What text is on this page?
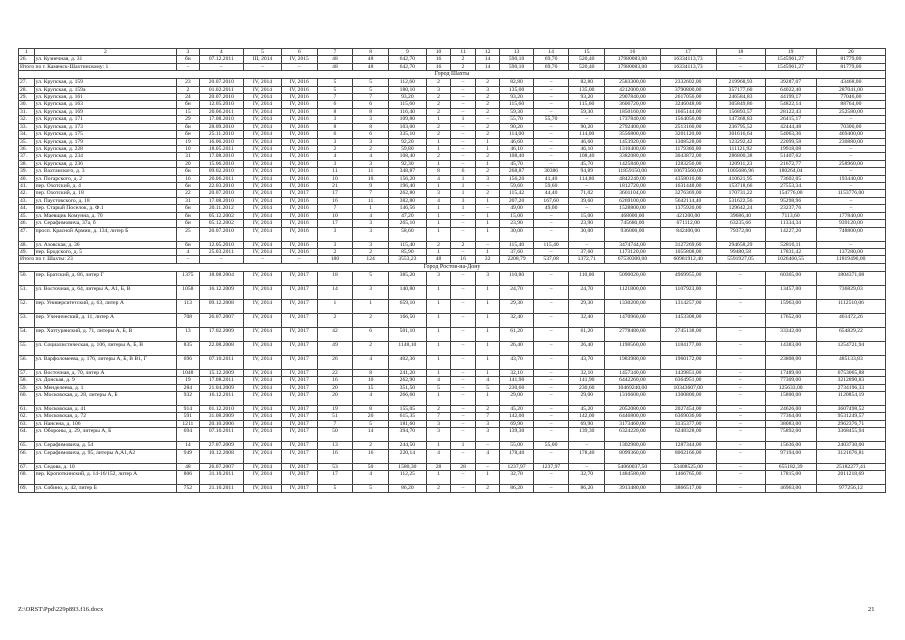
1	2	3	4	5	6	7	8	9	10	11	12	13	14	15	16	17	18	19	20
26.	ул. Кузнечная, д. 31	бн	07.12.2011	III, 2014	IV, 2015	48	48	642,70	16	2	14	590,10	69,70	520,40	17980083,00	16334113,73	–	1545961,27	81779,00
Итого по г. Каменск-Шахтинскому: 1		–	–	–	–	48	48	642,70	16	2	14	590,10	69,70	520,40	17980083,00	16334113,73	–	1545961,27	81779,00
Город Шахты																			
27.	ул. Крупская, д. 159	23	20.07.2010	IV, 2014	IV, 2016	5	5	112,60	2	–	2	82,80	–	82,80	2583300,00	2332602,00	219968,93	39287,07	43468,00
28.	ул. Крупская, д. 159а	2	01.02.2011	IV, 2014	IV, 2016	5	5	180,10	3	–	3	135,00	–	135,00	4212000,00	3790800,00	357177,60	64022,40	287041,00
29.	ул. Крупская, д. 161	24	20.07.2010	IV, 2014	IV, 2016	7	7	93,20	2	–	2	93,20	–	93,20	2907840,00	2617056,00	246584,83	44199,17	77046,00
30.	ул. Крупская, д. 163	бн	12.05.2010	IV, 2014	IV, 2016	6	6	115,60	2	–	2	115,60	–	115,60	3606720,00	3246048,00	305849,86	54822,14	88764,00
31.	ул. Крупская, д. 169	15	20.06.2011	IV, 2014	IV, 2016	8	8	116,40	2	–	2	59,30	–	59,30	1850160,00	1665144,00	156893,57	28122,43	252580,00
32.	ул. Крупская, д. 171	29	17.08.2010	IV, 2014	IV, 2016	3	3	109,80	1	1	–	55,70	55,70	–	1737840,00	1564056,00	147368,83	26415,17	–
33.	ул. Крупская, д. 173	бн	28.09.2010	IV, 2014	IV, 2016	8	8	103,00	2	–	2	90,20	–	90,20	2792400,00	2513160,00	236795,52	42444,48	70300,00
34.	ул. Крупская, д. 175	бн	25.11.2010	IV, 2014	IV, 2016	6	6	335,10	2	–	2	114,00	–	114,00	3556800,00	3201120,00	301616,64	54063,36	469400,00
35.	ул. Крупская, д. 179	19	16.06.2010	IV, 2014	IV, 2016	3	3	92,20	1	–	1	46,60	–	46,60	1453920,00	1308528,00	123292,42	22099,58	230880,00
36.	ул. Крупская, д. 228	10	18.05.2011	IV, 2014	IV, 2016	2	2	59,80	1	–	1	46,10	–	46,10	1310400,00	1179360,00	111121,92	19918,08	–
37.	ул. Крупская, д. 234	31	17.08.2010	IV, 2014	IV, 2016	4	4	108,40	2	–	2	108,40	–	108,40	3382080,00	3043872,00	286800,38	51407,62	–
38.	ул. Крупская, д. 236	20	15.06.2010	IV, 2014	IV, 2016	3	3	92,30	1	–	1	45,70	–	45,70	1425840,00	1283256,00	120911,23	21672,77	258960,00
39.	ул. Вахтанского, д. 3	бн	09.02.2010	IV, 2014	IV, 2016	11	11	348,87	8	6	2	268,87	30386	94,89	11859150,00	10673560,00	1005686,96	180264,04	–
40.	ул. Погарского, д. 2	16	20.06.2011	IV, 2014	IV, 2016	10	10	156,20	4	1	3	156,20	41,40	114,80	4842240,00	4358016,00	410621,95	73602,05	193440,00
41.	пер. Охотский, д. 4	бн	22.03.2010	IV, 2014	IV, 2016	21	9	196,40	1	1	–	59,60	59,60	–	1812720,00	1631448,00	153718,66	27553,34	–
42.	пер. Охотский, д. 18	22	20.07.2010	IV, 2014	IV, 2017	17	7	262,80	3	1	2	115,42	44,40	71,02	3601104,00	3276369,00	170731,22	154776,00	1153776,00
43.	ул. Паустовского, д. 18	31	17.08.2010	IV, 2014	IV, 2016	16	11	382,80	4	3	1	207,20	167,60	39,60	6269100,00	5642114,40	531622,56	95298,96	–
44.	пер. Старый Поселок, д. Ф.1	бн	20.11.2012	IV, 2014	IV, 2016	7	1	146,56	1	1	–	49,00	49,00	–	1528800,00	1375920,00	129642,24	23237,76	–
45.	ул. Маевщик Комунна, д. 70	бн	05.12.2002	IV, 2014	IV, 2016	10	4	47,20	1	–	1	15,00	–	15,00	468000,00	421200,00	39686,40	7113,60	177840,00
46.	ул. Серафимовича, 37а, б	бн	05.12.2002	IV, 2014	IV, 2016	17	3	265,10	1	–	1	23,90	–	23,90	745680,00	671112,00	63235,66	11334,34	939120,00
47.	просп. Красной Армии, д. 134, литер Б	25	20.07.2010	IV, 2014	IV, 2016	3	3	58,60	1	–	1	30,00	–	30,00	936000,00	842400,00	79372,80	14227,20	748800,00
48.	ул. Азовская, д. 36	бн	12.05.2010	IV, 2014	IV, 2016	3	3	115,40	2	2	–	115,40	115,40	–	3474744,00	3127269,60	294658,29	52816,11	–
49.	пер. Бродского, д. 5	4	25.03.2011	IV, 2014	IV, 2016	2	2	85,90	1	–	1	37,60	–	37,60	1173120,00	1055808,00	99480,58	17831,42	137280,00
Итого по г. Шахты: 23		–	–	–	–	180	124	3553,23	48	16	32	2208,79	537,08	1372,71	67530300,00	60981912,40	5591927,05	1026460,55	11819496,00
Город Ростов-на-Дону																			
50.	пер. Братский, д. 86, литер Г	1375	18.08.2004	IV, 2014	IV, 2017	18	5	385,20	3	–	3	110,80	–	110,80	5090020,00	4969955,00	–	60365,00	1804371,08
51.	ул. Восточная, д. 64, литеры А, А1, Б, В	1058	16.12.2009	IV, 2014	IV, 2017	14	3	140,80	1	–	1	24,70	–	24,70	1121800,00	1107923,00	–	13457,00	736829,03
52.	пер. Университетский, д. 63, литер А	113	09.12.2008	IV, 2014	IV, 2017	1	1	659,10	1	–	1	29,30	–	29,30	1330200,00	1314257,00	–	15963,00	1112510,06
53.	пер. Ученический, д. 11, литер А	708	26.07.2007	IV, 2014	IV, 2017	2	2	166,50	1	–	1	32,40	–	32,40	1470960,00	1453308,00	–	17652,00	461472,26
54.	пер. Хатгурянский, д. 71, литеры А, Б, В	13	17.02.2009	IV, 2014	IV, 2017	42	6	501,10	1	–	1	61,20	–	61,20	2778480,00	2745138,00	–	33342,00	654829,22
55.	ул. Социалистическая, д. 106, литеры А, Б, В	835	22.08.2008	IV, 2014	IV, 2017	49	2	1148,10	1	–	1	26,40	–	26,40	1198560,00	1184177,00	–	14383,00	1254721,94
56.	ул. Варфоломеева, д. 176, литеры А, Б, В В1, Г	696	07.10.2011	IV, 2014	IV, 2017	26	4	402,36	1	–	1	43,70	–	43,70	1983980,00	1960172,00	–	23808,00	485133,83
57.	ул. Восточная, д. 70, литер А	1048	15.12.2009	IV, 2014	IV, 2017	22	8	241,20	1	–	1	32,10	–	32,10	1457340,00	1439851,00	–	17489,00	6753065,88
58.	ул. Донская, д. 9	19	17.08.2011	IV, 2014	IV, 2017	16	10	262,90	4	–	4	141,90	–	141,90	6442260,00	6364951,00	–	77309,00	3212890,83
59.	ул. Менделеева, д. 1	284	21.04.2009	IV, 2014	IV, 2017	20	15	351,50	5	–	5	230,60	–	230,60	10469240,00	10343607,00	–	125633,00	2734196,33
60.	ул. Московская, д. 28, литеры А, Б	932	16.12.2011	IV, 2014	IV, 2017	20	4	266,60	1	–	1	29,00	–	29,00	1316600,00	1300800,00	–	15800,00	1120854,19
61.	ул. Московская, д. 41	914	01.12.2010	IV, 2014	IV, 2017	19	8	155,05	2	–	2	45,20	–	45,20	2052080,00	2027454,00	–	24626,00	3607498,52
62.	ул. Московская, д. 72	591	31.08.2009	IV, 2014	IV, 2017	51	20	615,35	7	–	7	142,00	–	142,00	6446800,00	6369036,00	–	77364,00	9531249,57
63.	ул. Нансена, д. 106	1211	20.10.2006	IV, 2014	IV, 2017	7	5	181,60	3	–	3	69,90	–	69,90	3173460,00	3135377,00	–	38083,00	2962376,71
64.	ул. Обороны, д. 29, литеры А, Б	694	07.10.2011	IV, 2014	IV, 2017	50	14	394,70	3	–	3	139,30	–	139,30	6324220,00	6248328,00	–	75892,00	3368455,94
65.	ул. Серафимовича, д. 54	14	27.07.2009	IV, 2014	IV, 2017	13	2	244,50	1	1	–	55,00	55,00	–	1302980,00	1287344,00	–	15636,00	2403730,00
66.	ул. Серафимовича, д. 95, литеры А,А1,А2	949	10.12.2008	IV, 2014	IV, 2017	16	16	220,14	4	–	4	178,40	–	178,40	8099360,00	8002166,00	–	97194,00	3121676,81
67.	ул. Седова, д. 10	48	26.07.2007	IV, 2014	IV, 2017	53	50	1580,30	28	28	–	1237,97	1237,97	–	54060037,50	53408525,00	–	655182,39	25182277,41
68.	пер. Кропоткинский, д. 14-16/152, литер А	806	31.10.2011	IV, 2014	IV, 2017	17	4	112,25	1	–	1	32,70	–	32,70	1484580,00	1466765,00	–	17815,00	2011218,69
69.	ул. Собино, д. 42, литер Б	752	21.10.2011	IV, 2014	IV, 2017	5	5	86,20	2	–	2	86,20	–	86,20	3913480,00	3866517,00	–	46963,00	977256,12
Z:\ORST\Ppd\229p893.f16.docx	21
